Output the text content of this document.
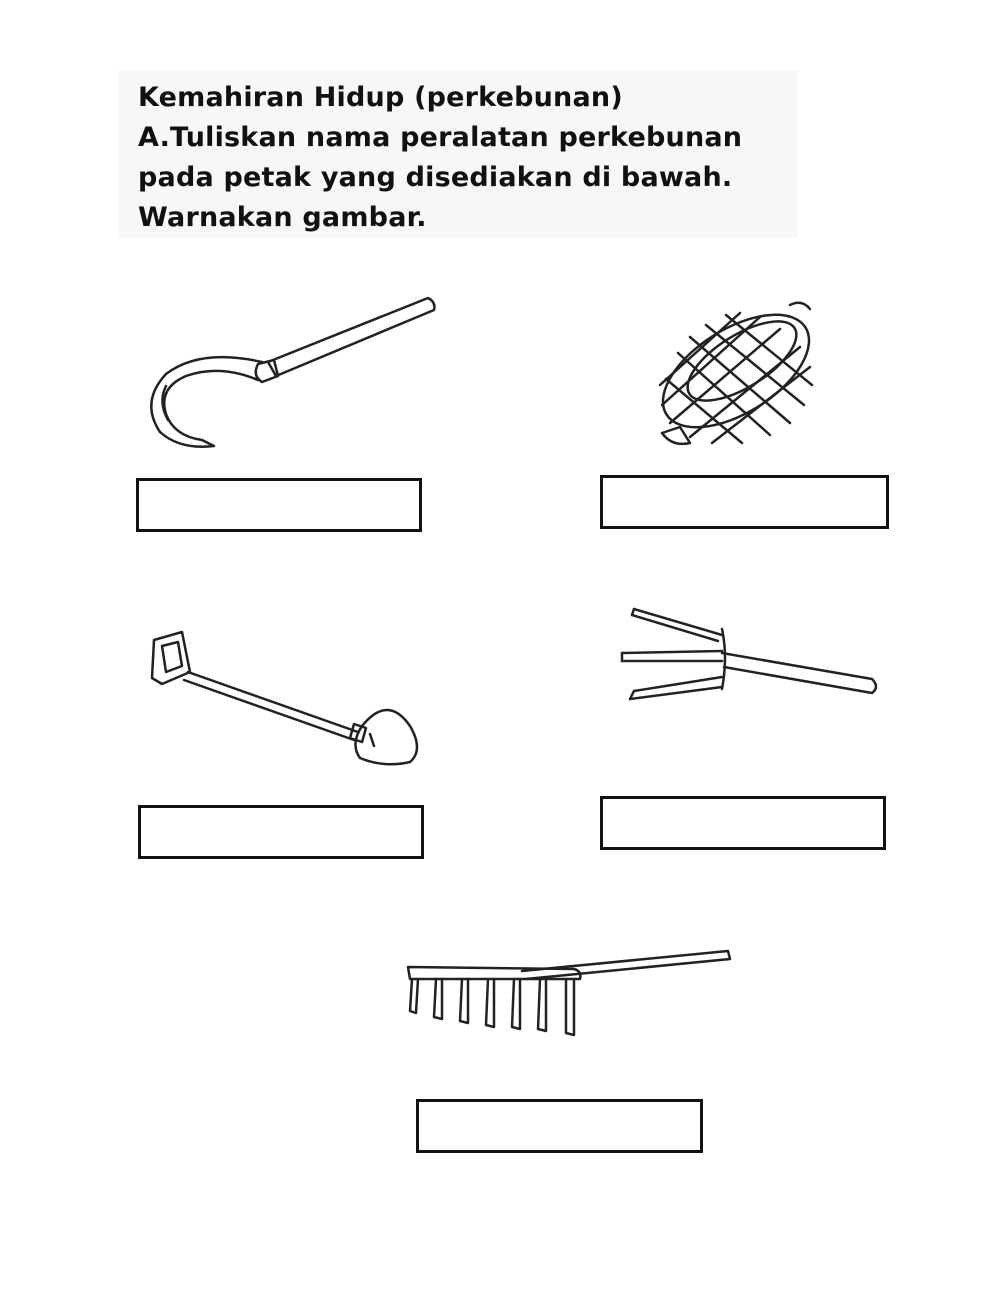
Kemahiran Hidup (perkebunan)
A.Tuliskan nama peralatan perkebunan
pada petak yang disediakan di bawah.
Warnakan gambar.
